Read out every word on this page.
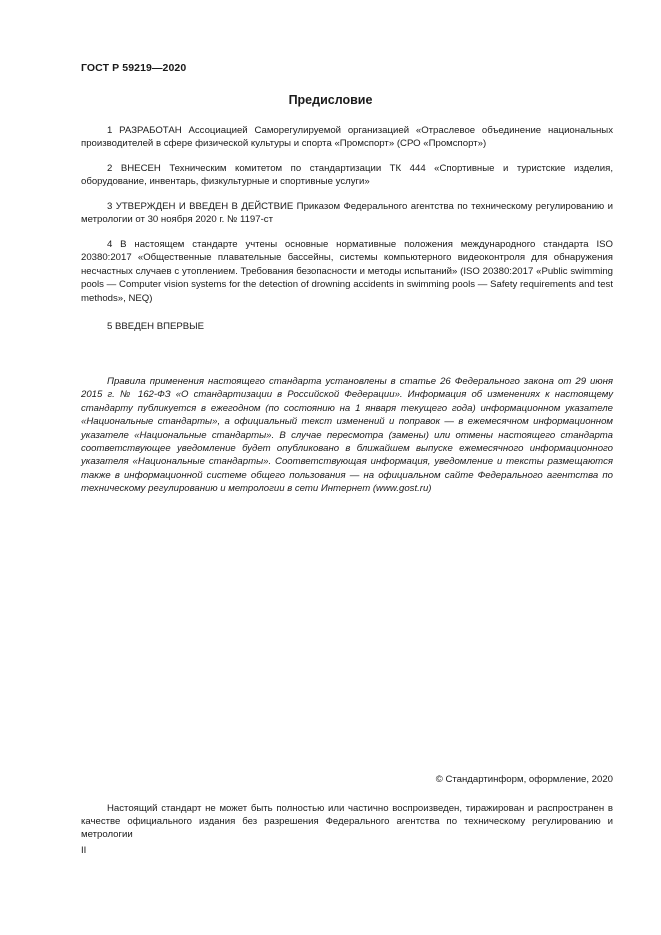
ГОСТ Р 59219—2020
Предисловие

1 РАЗРАБОТАН Ассоциацией Саморегулируемой организацией «Отраслевое объединение национальных производителей в сфере физической культуры и спорта «Промспорт» (СРО «Промспорт»)

2 ВНЕСЕН Техническим комитетом по стандартизации ТК 444 «Спортивные и туристские изделия, оборудование, инвентарь, физкультурные и спортивные услуги»

3 УТВЕРЖДЕН И ВВЕДЕН В ДЕЙСТВИЕ Приказом Федерального агентства по техническому регулированию и метрологии от 30 ноября 2020 г. № 1197-ст

4 В настоящем стандарте учтены основные нормативные положения международного стандарта ISO 20380:2017 «Общественные плавательные бассейны, системы компьютерного видеоконтроля для обнаружения несчастных случаев с утоплением. Требования безопасности и методы испытаний» (ISO 20380:2017 «Public swimming pools — Computer vision systems for the detection of drowning accidents in swimming pools — Safety requirements and test methods», NEQ)

5 ВВЕДЕН ВПЕРВЫЕ

Правила применения настоящего стандарта установлены в статье 26 Федерального закона от 29 июня 2015 г. № 162-ФЗ «О стандартизации в Российской Федерации». Информация об изменениях к настоящему стандарту публикуется в ежегодном (по состоянию на 1 января текущего года) информационном указателе «Национальные стандарты», а официальный текст изменений и поправок — в ежемесячном информационном указателе «Национальные стандарты». В случае пересмотра (замены) или отмены настоящего стандарта соответствующее уведомление будет опубликовано в ближайшем выпуске ежемесячного информационного указателя «Национальные стандарты». Соответствующая информация, уведомление и тексты размещаются также в информационной системе общего пользования — на официальном сайте Федерального агентства по техническому регулированию и метрологии в сети Интернет (www.gost.ru)

© Стандартинформ, оформление, 2020

Настоящий стандарт не может быть полностью или частично воспроизведен, тиражирован и распространен в качестве официального издания без разрешения Федерального агентства по техническому регулированию и метрологии

II
